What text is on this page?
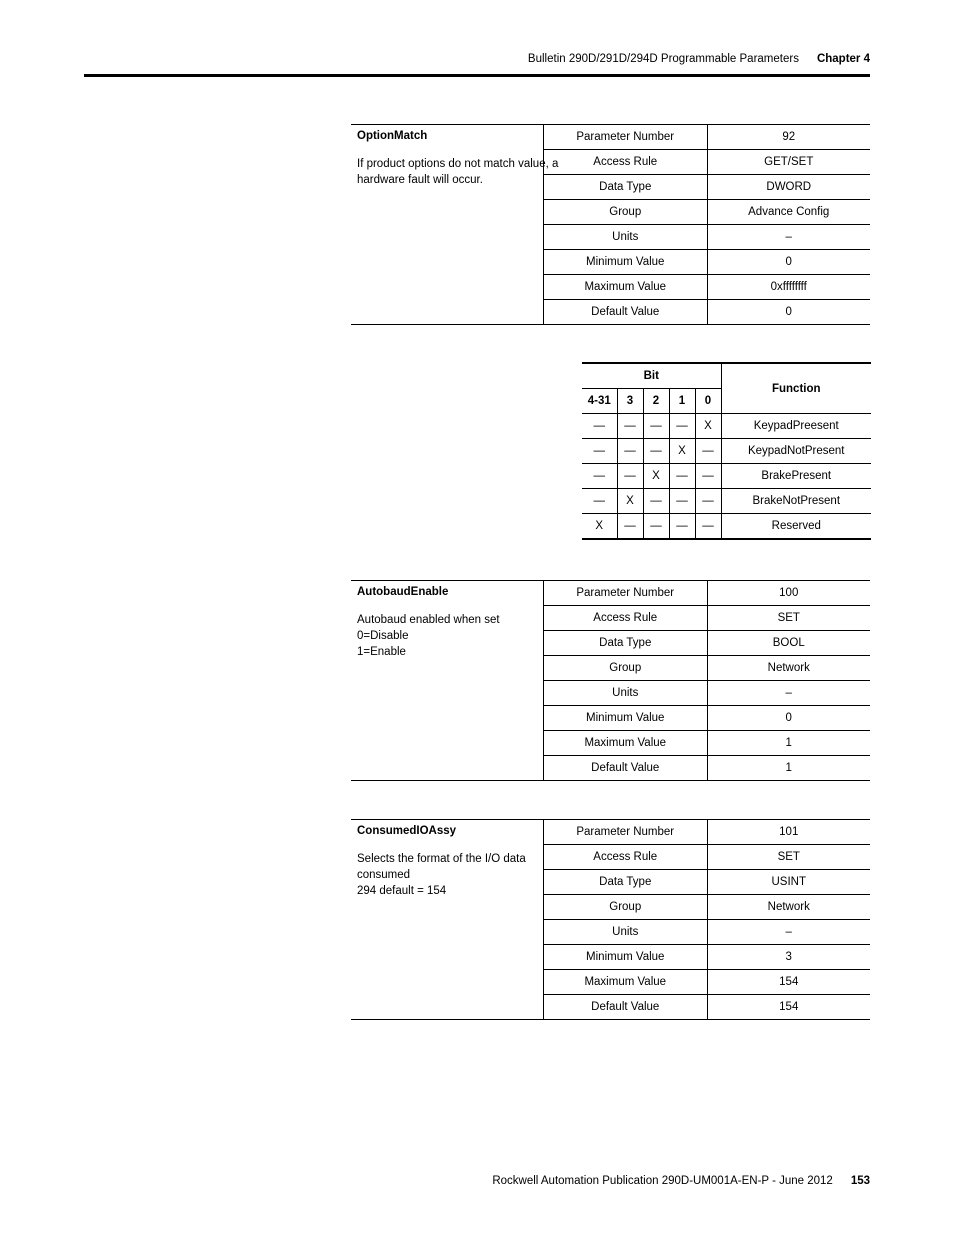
Bulletin 290D/291D/294D Programmable Parameters Chapter 4
OptionMatch
If product options do not match value, a
hardware fault will occur.
Parameter Number	92
Access Rule	GET/SET
Data Type	DWORD
Group	Advance Config
Units	–
Minimum Value	0
Maximum Value	0xffffffff
Default Value	0
Bit					Function
4-31	3	2	1	0	
—	—	—	—	X	KeypadPreesent
—	—	—	X	—	KeypadNotPresent
—	—	X	—	—	BrakePresent
—	X	—	—	—	BrakeNotPresent
X	—	—	—	—	Reserved
AutobaudEnable
Autobaud enabled when set
0=Disable
1=Enable
Parameter Number	100
Access Rule	SET
Data Type	BOOL
Group	Network
Units	–
Minimum Value	0
Maximum Value	1
Default Value	1
ConsumedIOAssy
Selects the format of the I/O data
consumed
294 default = 154
Parameter Number	101
Access Rule	SET
Data Type	USINT
Group	Network
Units	–
Minimum Value	3
Maximum Value	154
Default Value	154
Rockwell Automation Publication 290D-UM001A-EN-P - June 2012 153
